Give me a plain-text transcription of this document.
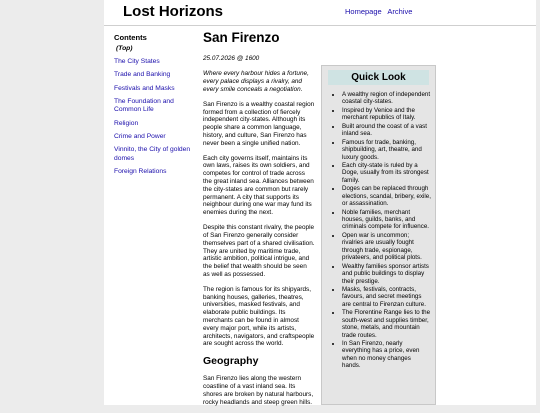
Lost Horizons	Homepage Archive
Contents
(Top)
The City States
Trade and Banking
Festivals and Masks
The Foundation and Common Life
Religion
Crime and Power
Vinnito, the City of golden domes
Foreign Relations
San Firenzo
25.07.2026 @ 1600
Where every harbour hides a fortune, every palace displays a rivalry, and every smile conceals a negotiation.

San Firenzo is a wealthy coastal region formed from a collection of fiercely independent city-states. Although its people share a common language, history, and culture, San Firenzo has never been a single unified nation.

Each city governs itself, maintains its own laws, raises its own soldiers, and competes for control of trade across the great inland sea. Alliances between the city-states are common but rarely permanent. A city that supports its neighbour during one war may fund its enemies during the next.

Despite this constant rivalry, the people of San Firenzo generally consider themselves part of a shared civilisation. They are united by maritime trade, artistic ambition, political intrigue, and the belief that wealth should be seen as well as possessed.

The region is famous for its shipyards, banking houses, galleries, theatres, universities, masked festivals, and elaborate public buildings. Its merchants can be found in almost every major port, while its artists, architects, navigators, and craftspeople are sought across the world.

Geography

San Firenzo lies along the western coastline of a vast inland sea. Its shores are broken by natural harbours, rocky headlands and steep green hills.

Quick Look
• A wealthy region of independent coastal city-states.
• Inspired by Venice and the merchant republics of Italy.
• Built around the coast of a vast inland sea.
• Famous for trade, banking, shipbuilding, art, theatre, and luxury goods.
• Each city-state is ruled by a Doge, usually from its strongest family.
• Doges can be replaced through elections, scandal, bribery, exile, or assassination.
• Noble families, merchant houses, guilds, banks, and criminals compete for influence.
• Open war is uncommon; rivalries are usually fought through trade, espionage, privateers, and political plots.
• Wealthy families sponsor artists and public buildings to display their prestige.
• Masks, festivals, contracts, favours, and secret meetings are central to Firenzan culture.
• The Florentine Range lies to the south-west and supplies timber, stone, metals, and mountain trade routes.
• In San Firenzo, nearly everything has a price, even when no money changes hands.
